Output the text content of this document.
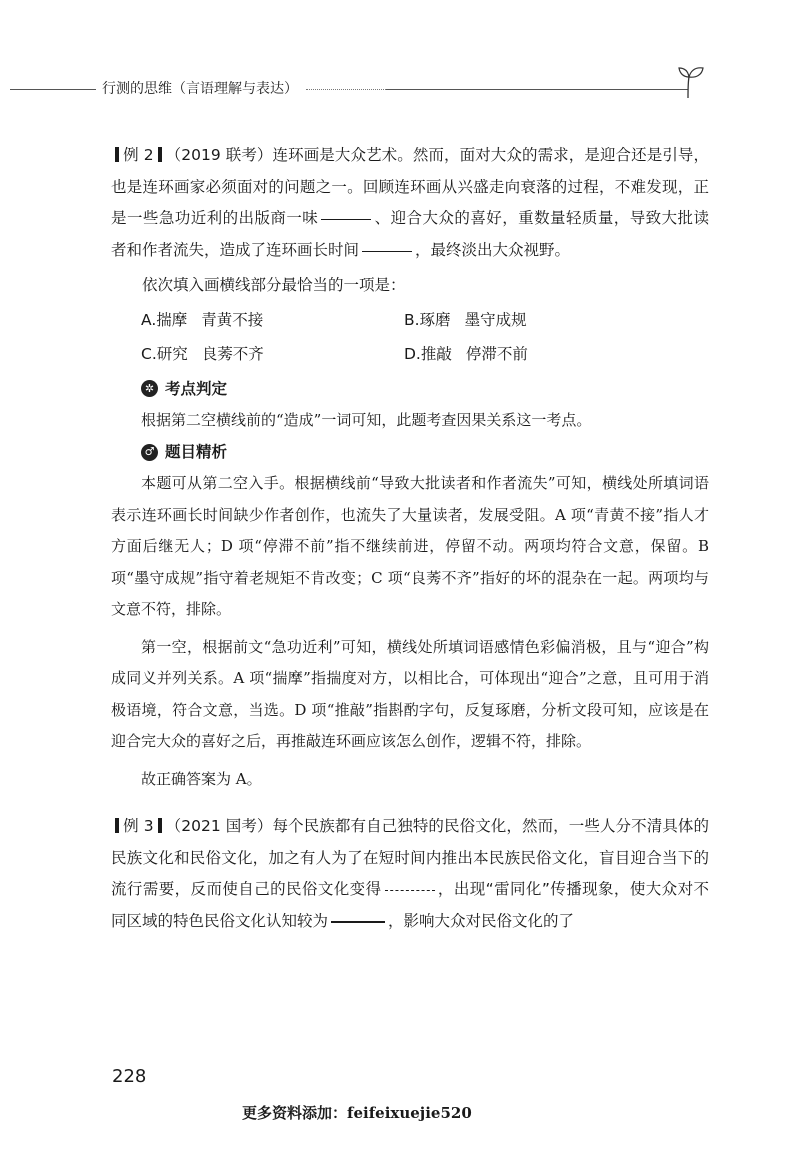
行测的思维（言语理解与表达）

例 2 （2019 联考）连环画是大众艺术。然而，面对大众的需求，是迎合还是引导，也是连环画家必须面对的问题之一。回顾连环画从兴盛走向衰落的过程，不难发现，正是一些急功近利的出版商一味	、迎合大众的喜好，重数量轻质量，导致大批读者和作者流失，造成了连环画长时间	，最终淡出大众视野。

依次填入画横线部分最恰当的一项是：

A.揣摩 青黄不接	B.琢磨 墨守成规
C.研究 良莠不齐	D.推敲 停滞不前
✲ 考点判定

根据第二空横线前的“造成”一词可知，此题考查因果关系这一考点。

♂ 题目精析

本题可从第二空入手。根据横线前“导致大批读者和作者流失”可知，横线处所填词语表示连环画长时间缺少作者创作，也流失了大量读者，发展受阻。A 项“青黄不接”指人才方面后继无人；D 项“停滞不前”指不继续前进，停留不动。两项均符合文意，保留。B 项“墨守成规”指守着老规矩不肯改变；C 项“良莠不齐”指好的坏的混杂在一起。两项均与文意不符，排除。

第一空，根据前文“急功近利”可知，横线处所填词语感情色彩偏消极，且与“迎合”构成同义并列关系。A 项“揣摩”指揣度对方，以相比合，可体现出“迎合”之意，且可用于消极语境，符合文意，当选。D 项“推敲”指斟酌字句，反复琢磨，分析文段可知，应该是在迎合完大众的喜好之后，再推敲连环画应该怎么创作，逻辑不符，排除。

故正确答案为 A。

例 3 （2021 国考）每个民族都有自己独特的民俗文化，然而，一些人分不清具体的民族文化和民俗文化，加之有人为了在短时间内推出本民族民俗文化，盲目迎合当下的流行需要，反而使自己的民俗文化变得	，出现“雷同化”传播现象，使大众对不同区域的特色民俗文化认知较为	，影响大众对民俗文化的了

228
更多资料添加：feifeixuejie520
